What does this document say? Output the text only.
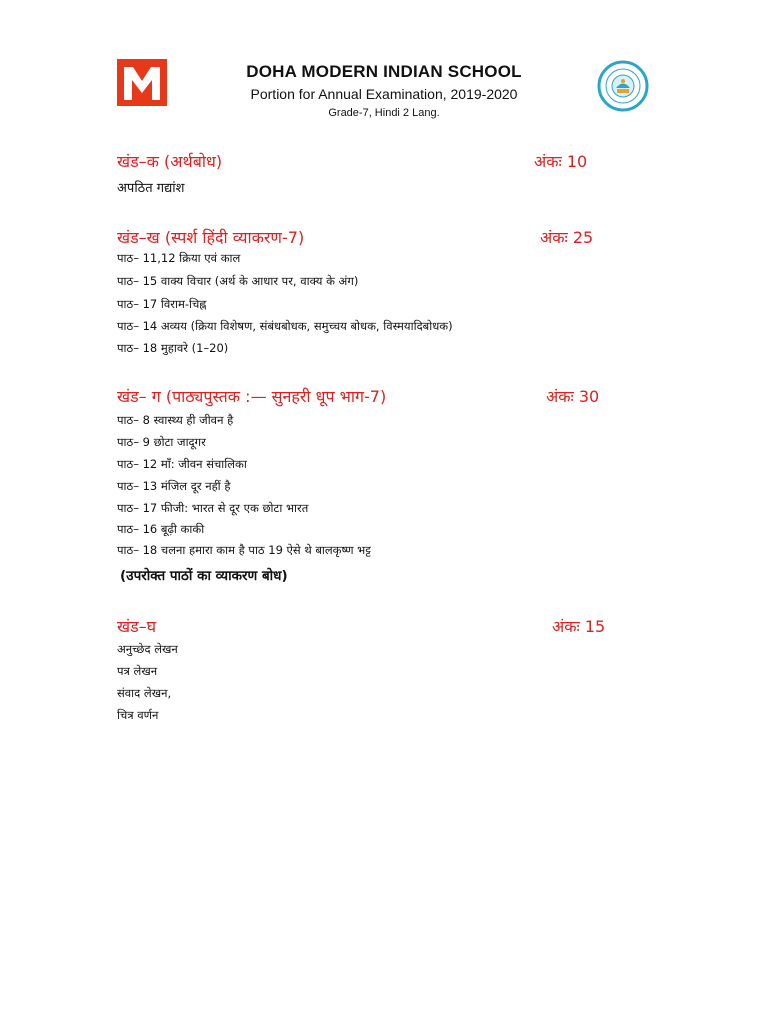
DOHA MODERN INDIAN SCHOOL
Portion for Annual Examination, 2019-2020
Grade-7, Hindi 2 Lang.
खंड–क (अर्थबोध)	अंकः 10
अपठित गद्यांश
खंड–ख (स्पर्श हिंदी व्याकरण-7)	अंकः 25
पाठ– 11,12 क्रिया एवं काल
पाठ– 15 वाक्य विचार (अर्थ के आधार पर, वाक्य के अंग)
पाठ– 17 विराम-चिह्न
पाठ– 14 अव्यय (क्रिया विशेषण, संबंधबोधक, समुच्चय बोधक, विस्मयादिबोधक)
पाठ– 18 मुहावरे (1–20)
खंड– ग (पाठ्यपुस्तक :— सुनहरी धूप भाग-7)	अंकः 30
पाठ– 8 स्वास्थ्य ही जीवन है
पाठ– 9 छोटा जादूगर
पाठ– 12 माँ: जीवन संचालिका
पाठ– 13 मंजिल दूर नहीं है
पाठ– 17 फीजी: भारत से दूर एक छोटा भारत
पाठ– 16 बूढ़ी काकी
पाठ– 18 चलना हमारा काम है पाठ 19 ऐसे थे बालकृष्ण भट्ट
(उपरोक्त पाठों का व्याकरण बोध)
खंड–घ	अंकः 15
अनुच्छेद लेखन
पत्र लेखन
संवाद लेखन,
चित्र वर्णन
